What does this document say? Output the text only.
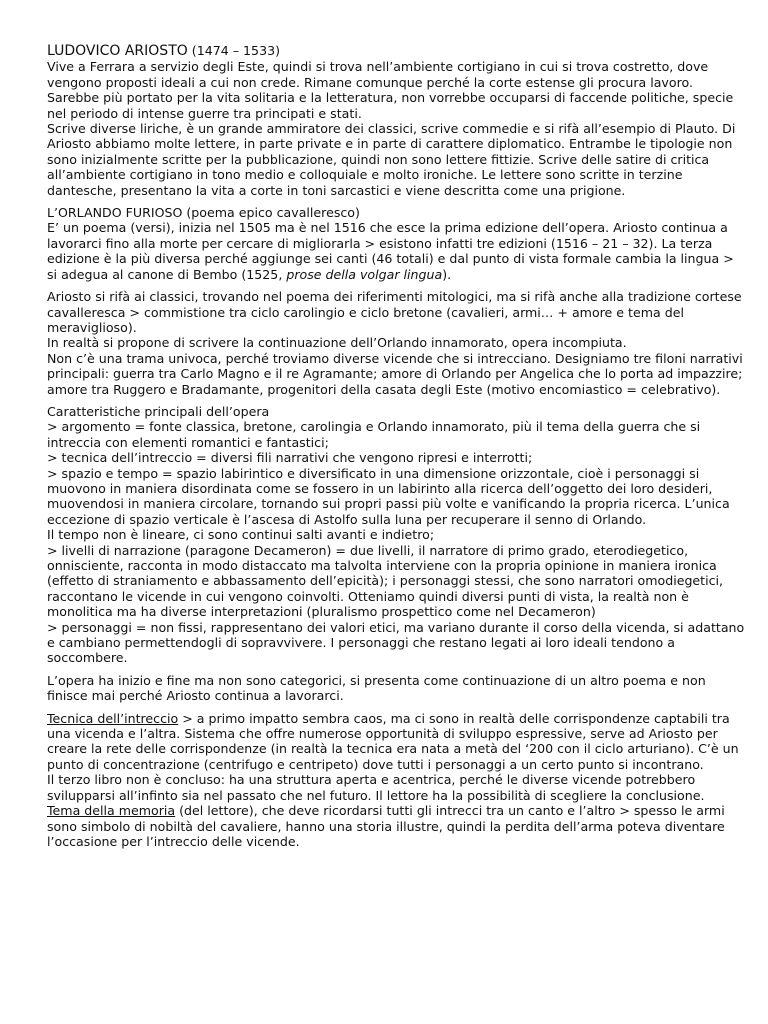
LUDOVICO ARIOSTO (1474 – 1533)

Vive a Ferrara a servizio degli Este, quindi si trova nell’ambiente cortigiano in cui si trova costretto, dove vengono proposti ideali a cui non crede. Rimane comunque perché la corte estense gli procura lavoro.

Sarebbe più portato per la vita solitaria e la letteratura, non vorrebbe occuparsi di faccende politiche, specie nel periodo di intense guerre tra principati e stati.

Scrive diverse liriche, è un grande ammiratore dei classici, scrive commedie e si rifà all’esempio di Plauto. Di Ariosto abbiamo molte lettere, in parte private e in parte di carattere diplomatico. Entrambe le tipologie non sono inizialmente scritte per la pubblicazione, quindi non sono lettere fittizie. Scrive delle satire di critica all’ambiente cortigiano in tono medio e colloquiale e molto ironiche. Le lettere sono scritte in terzine dantesche, presentano la vita a corte in toni sarcastici e viene descritta come una prigione.

L’ORLANDO FURIOSO (poema epico cavalleresco)

E’ un poema (versi), inizia nel 1505 ma è nel 1516 che esce la prima edizione dell’opera. Ariosto continua a lavorarci fino alla morte per cercare di migliorarla > esistono infatti tre edizioni (1516 – 21 – 32). La terza edizione è la più diversa perché aggiunge sei canti (46 totali) e dal punto di vista formale cambia la lingua > si adegua al canone di Bembo (1525, prose della volgar lingua).

Ariosto si rifà ai classici, trovando nel poema dei riferimenti mitologici, ma si rifà anche alla tradizione cortese cavalleresca > commistione tra ciclo carolingio e ciclo bretone (cavalieri, armi… + amore e tema del meraviglioso).

In realtà si propone di scrivere la continuazione dell’Orlando innamorato, opera incompiuta.

Non c’è una trama univoca, perché troviamo diverse vicende che si intrecciano. Designiamo tre filoni narrativi principali: guerra tra Carlo Magno e il re Agramante; amore di Orlando per Angelica che lo porta ad impazzire; amore tra Ruggero e Bradamante, progenitori della casata degli Este (motivo encomiastico = celebrativo).

Caratteristiche principali dell’opera

> argomento = fonte classica, bretone, carolingia e Orlando innamorato, più il tema della guerra che si intreccia con elementi romantici e fantastici;

> tecnica dell’intreccio = diversi fili narrativi che vengono ripresi e interrotti;

> spazio e tempo = spazio labirintico e diversificato in una dimensione orizzontale, cioè i personaggi si muovono in maniera disordinata come se fossero in un labirinto alla ricerca dell’oggetto dei loro desideri, muovendosi in maniera circolare, tornando sui propri passi più volte e vanificando la propria ricerca. L’unica eccezione di spazio verticale è l’ascesa di Astolfo sulla luna per recuperare il senno di Orlando.

Il tempo non è lineare, ci sono continui salti avanti e indietro;

> livelli di narrazione (paragone Decameron) = due livelli, il narratore di primo grado, eterodiegetico, onnisciente, racconta in modo distaccato ma talvolta interviene con la propria opinione in maniera ironica (effetto di straniamento e abbassamento dell’epicità); i personaggi stessi, che sono narratori omodiegetici, raccontano le vicende in cui vengono coinvolti. Otteniamo quindi diversi punti di vista, la realtà non è monolitica ma ha diverse interpretazioni (pluralismo prospettico come nel Decameron)

> personaggi = non fissi, rappresentano dei valori etici, ma variano durante il corso della vicenda, si adattano e cambiano permettendogli di sopravvivere. I personaggi che restano legati ai loro ideali tendono a soccombere.

L’opera ha inizio e fine ma non sono categorici, si presenta come continuazione di un altro poema e non finisce mai perché Ariosto continua a lavorarci.

Tecnica dell’intreccio > a primo impatto sembra caos, ma ci sono in realtà delle corrispondenze captabili tra una vicenda e l’altra. Sistema che offre numerose opportunità di sviluppo espressive, serve ad Ariosto per creare la rete delle corrispondenze (in realtà la tecnica era nata a metà del ‘200 con il ciclo arturiano). C’è un punto di concentrazione (centrifugo e centripeto) dove tutti i personaggi a un certo punto si incontrano.

Il terzo libro non è concluso: ha una struttura aperta e acentrica, perché le diverse vicende potrebbero svilupparsi all’infinto sia nel passato che nel futuro. Il lettore ha la possibilità di scegliere la conclusione.

Tema della memoria (del lettore), che deve ricordarsi tutti gli intrecci tra un canto e l’altro > spesso le armi sono simbolo di nobiltà del cavaliere, hanno una storia illustre, quindi la perdita dell’arma poteva diventare l’occasione per l’intreccio delle vicende.
